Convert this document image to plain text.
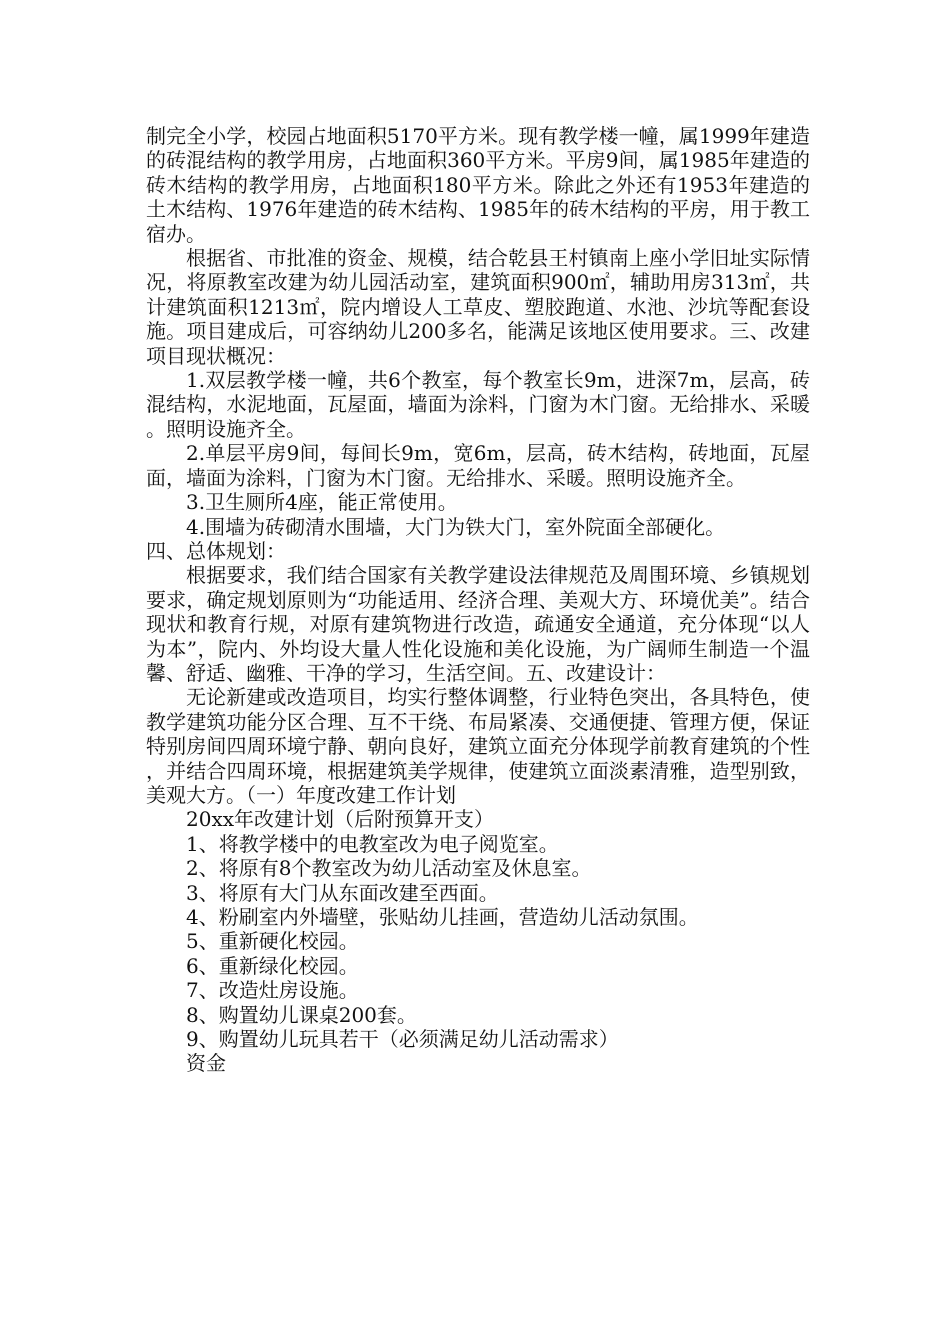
制完全小学，校园占地面积5170平方米。现有教学楼一幢，属1999年建造的砖混结构的教学用房，占地面积360平方米。平房9间，属1985年建造的砖木结构的教学用房，占地面积180平方米。除此之外还有1953年建造的土木结构、1976年建造的砖木结构、1985年的砖木结构的平房，用于教工宿办。

根据省、市批准的资金、规模，结合乾县王村镇南上座小学旧址实际情况，将原教室改建为幼儿园活动室，建筑面积900㎡，辅助用房313㎡，共计建筑面积1213㎡，院内增设人工草皮、塑胶跑道、水池、沙坑等配套设施。项目建成后，可容纳幼儿200多名，能满足该地区使用要求。三、改建项目现状概况：

1.双层教学楼一幢，共6个教室，每个教室长9m，进深7m，层高，砖混结构，水泥地面，瓦屋面，墙面为涂料，门窗为木门窗。无给排水、采暖。照明设施齐全。

2.单层平房9间，每间长9m，宽6m，层高，砖木结构，砖地面，瓦屋面，墙面为涂料，门窗为木门窗。无给排水、采暖。照明设施齐全。

3.卫生厕所4座，能正常使用。

4.围墙为砖砌清水围墙，大门为铁大门，室外院面全部硬化。

四、总体规划：

根据要求，我们结合国家有关教学建设法律规范及周围环境、乡镇规划要求，确定规划原则为“功能适用、经济合理、美观大方、环境优美”。结合现状和教育行规，对原有建筑物进行改造，疏通安全通道，充分体现“以人为本”，院内、外均设大量人性化设施和美化设施，为广阔师生制造一个温馨、舒适、幽雅、干净的学习，生活空间。五、改建设计：

无论新建或改造项目，均实行整体调整，行业特色突出，各具特色，使教学建筑功能分区合理、互不干绕、布局紧凑、交通便捷、管理方便，保证特别房间四周环境宁静、朝向良好，建筑立面充分体现学前教育建筑的个性，并结合四周环境，根据建筑美学规律，使建筑立面淡素清雅，造型别致，美观大方。（一）年度改建工作计划

20xx年改建计划（后附预算开支）

1、将教学楼中的电教室改为电子阅览室。

2、将原有8个教室改为幼儿活动室及休息室。

3、将原有大门从东面改建至西面。

4、粉刷室内外墙壁，张贴幼儿挂画，营造幼儿活动氛围。

5、重新硬化校园。

6、重新绿化校园。

7、改造灶房设施。

8、购置幼儿课桌200套。

9、购置幼儿玩具若干（必须满足幼儿活动需求）

资金
